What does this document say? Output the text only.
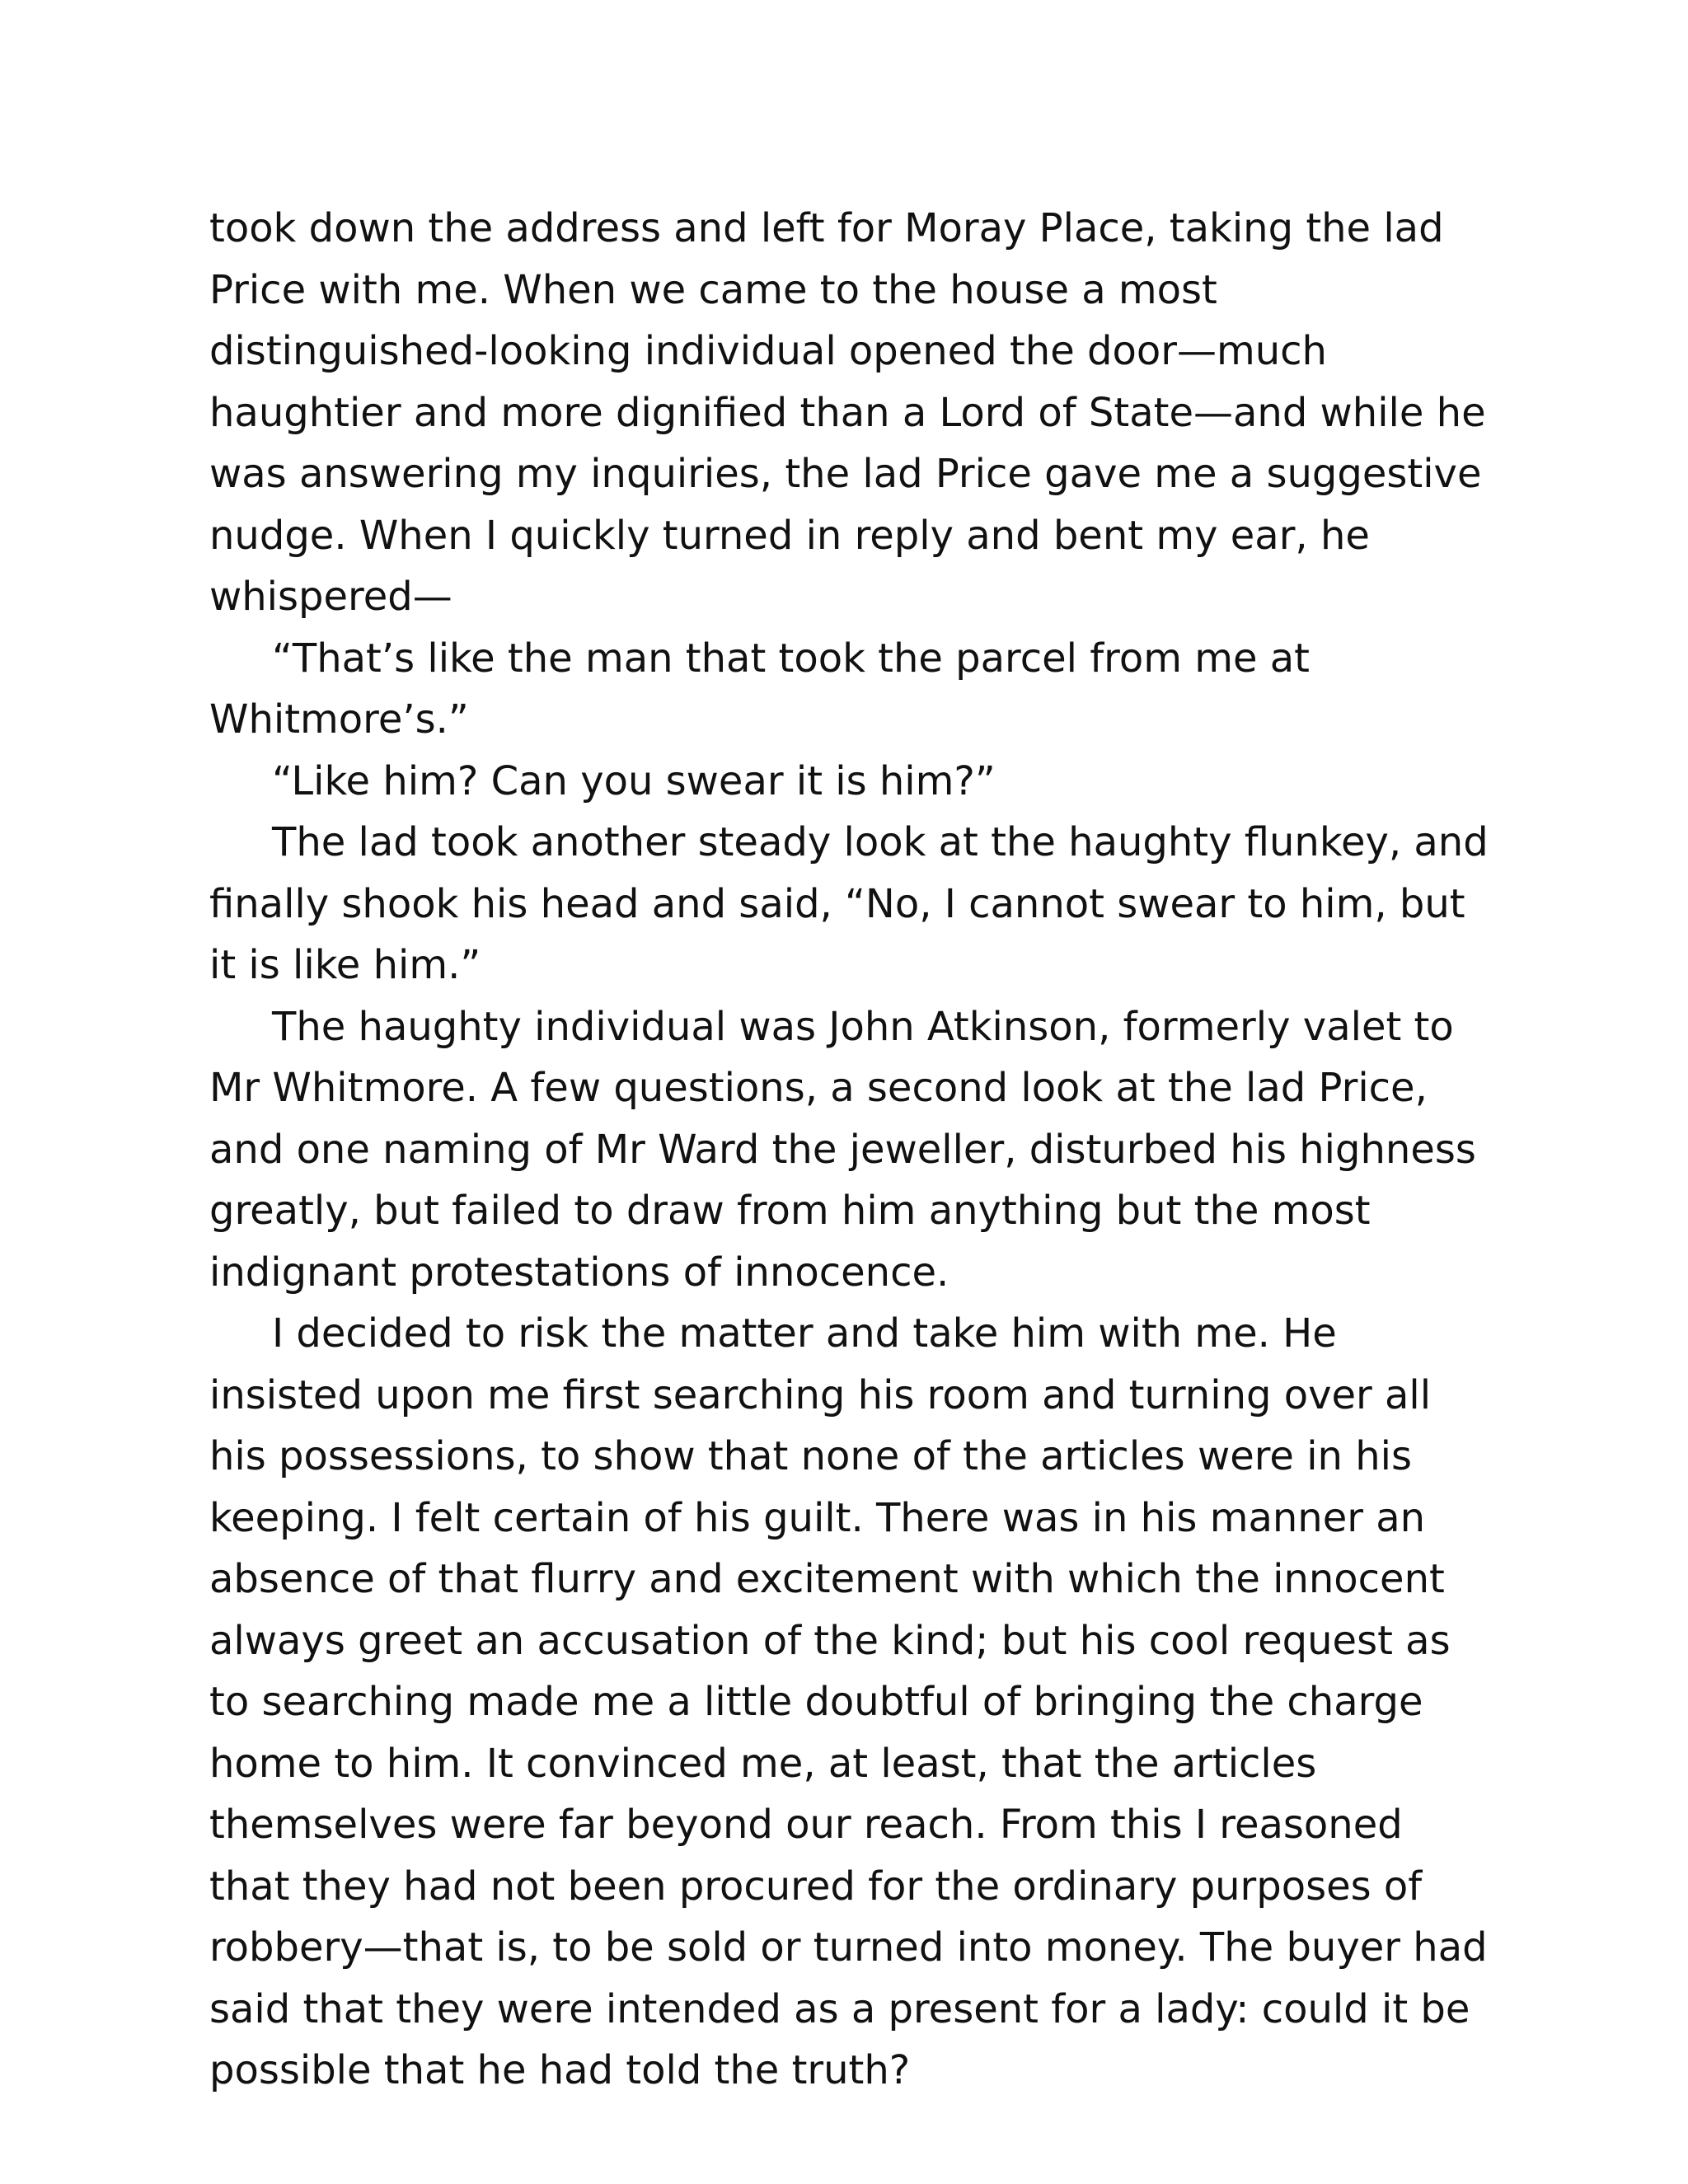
took down the address and left for Moray Place, taking the lad Price with me. When we came to the house a most distinguished-looking individual opened the door—much haughtier and more dignified than a Lord of State—and while he was answering my inquiries, the lad Price gave me a suggestive nudge. When I quickly turned in reply and bent my ear, he whispered—

“That’s like the man that took the parcel from me at Whitmore’s.”

“Like him? Can you swear it is him?”

The lad took another steady look at the haughty flunkey, and finally shook his head and said, “No, I cannot swear to him, but it is like him.”

The haughty individual was John Atkinson, formerly valet to Mr Whitmore. A few questions, a second look at the lad Price, and one naming of Mr Ward the jeweller, disturbed his highness greatly, but failed to draw from him anything but the most indignant protestations of innocence.

I decided to risk the matter and take him with me. He insisted upon me first searching his room and turning over all his possessions, to show that none of the articles were in his keeping. I felt certain of his guilt. There was in his manner an absence of that flurry and excitement with which the innocent always greet an accusation of the kind; but his cool request as to searching made me a little doubtful of bringing the charge home to him. It convinced me, at least, that the articles themselves were far beyond our reach. From this I reasoned that they had not been procured for the ordinary purposes of robbery—that is, to be sold or turned into money. The buyer had said that they were intended as a present for a lady: could it be possible that he had told the truth?
